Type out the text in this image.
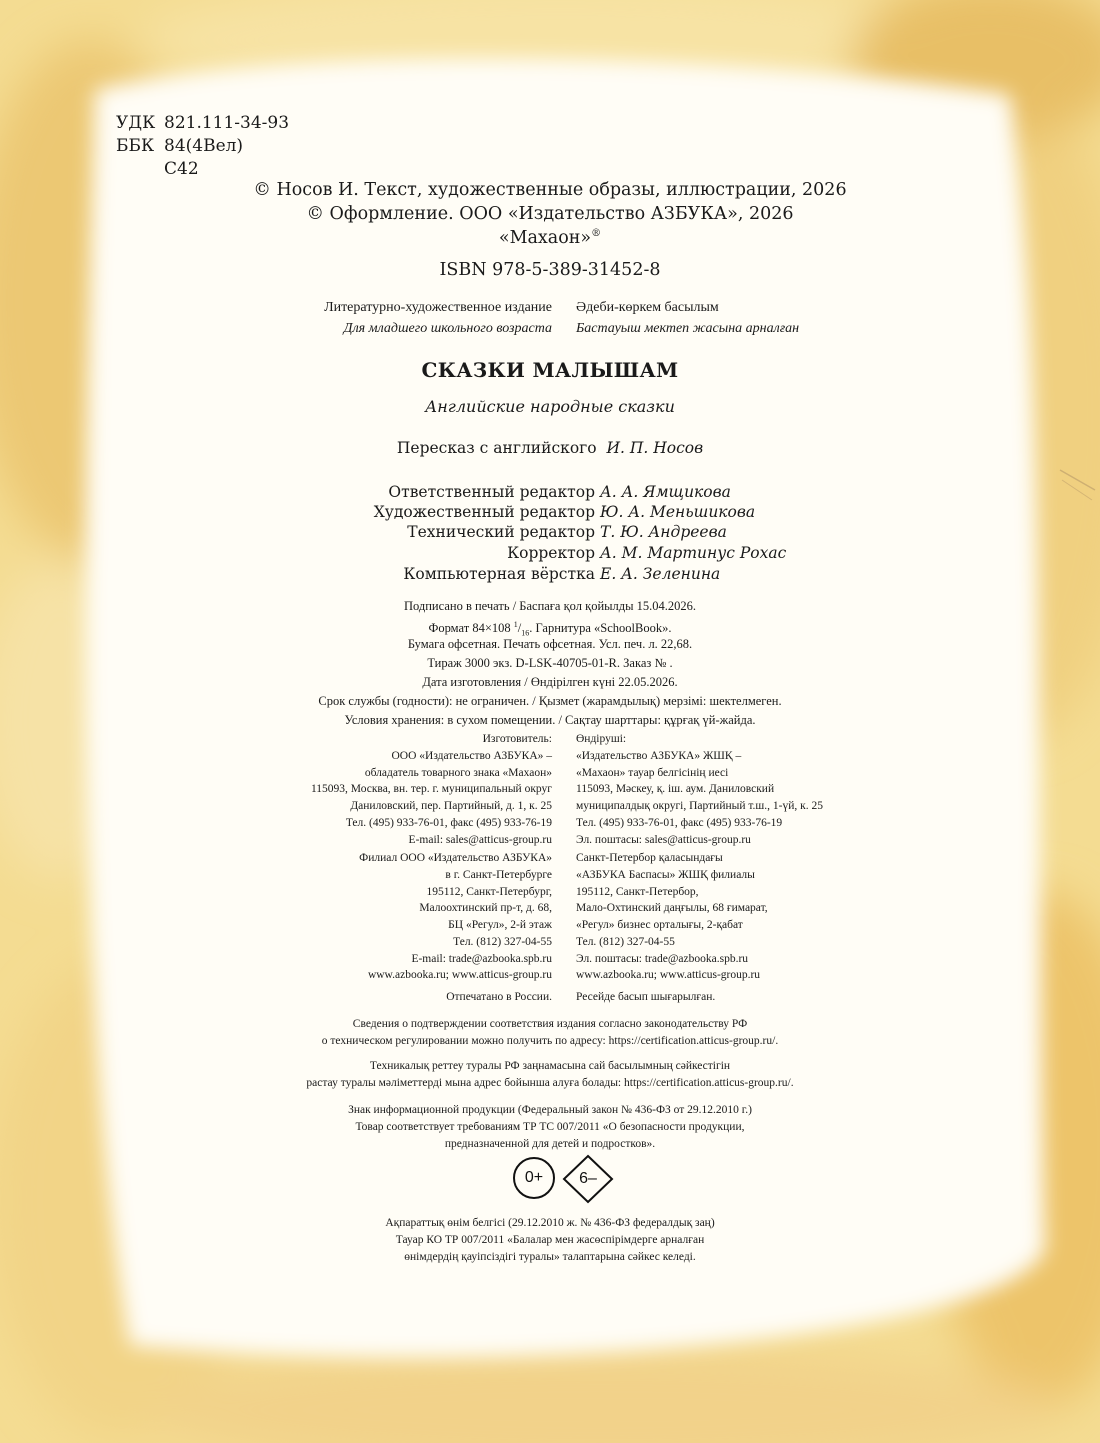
УДК 821.111-34-93
ББК 84(4Вел)
С42
© Носов И. Текст, художественные образы, иллюстрации, 2026
© Оформление. ООО «Издательство АЗБУКА», 2026
«Махаон»®
ISBN 978-5-389-31452-8
Литературно-художественное издание
Для младшего школьного возраста
Әдеби-көркем басылым
Бастауыш мектеп жасына арналған
СКАЗКИ МАЛЫШАМ
Английские народные сказки
Пересказ с английского И. П. Носов
Ответственный редактор А. А. Ямщикова
Художественный редактор Ю. А. Меньшикова
Технический редактор Т. Ю. Андреева
Корректор А. М. Мартинус Рохас
Компьютерная вёрстка Е. А. Зеленина
Подписано в печать / Баспаға қол қойылды 15.04.2026.
Формат 84×108 $^1/_{16}$. Гарнитура «SchoolBook».
Бумага офсетная. Печать офсетная. Усл. печ. л. 22,68.
Тираж 3000 экз. D-LSK-40705-01-R. Заказ № .
Дата изготовления / Өндірілген күні 22.05.2026.
Срок службы (годности): не ограничен. / Қызмет (жарамдылық) мерзімі: шектелмеген.
Условия хранения: в сухом помещении. / Сақтау шарттары: құрғақ үй-жайда.
Изготовитель:
ООО «Издательство АЗБУКА» –
обладатель товарного знака «Махаон»
115093, Москва, вн. тер. г. муниципальный округ
Даниловский, пер. Партийный, д. 1, к. 25
Тел. (495) 933-76-01, факс (495) 933-76-19
E-mail: sales@atticus-group.ru
Өндіруші:
«Издательство АЗБУКА» ЖШҚ –
«Махаон» тауар белгісінің иесі
115093, Мәскеу, қ. іш. аум. Даниловский
муниципалдық округі, Партийный т.ш., 1-үй, к. 25
Тел. (495) 933-76-01, факс (495) 933-76-19
Эл. поштасы: sales@atticus-group.ru
Филиал ООО «Издательство АЗБУКА»
в г. Санкт-Петербурге
195112, Санкт-Петербург,
Малоохтинский пр-т, д. 68,
БЦ «Регул», 2-й этаж
Тел. (812) 327-04-55
E-mail: trade@azbooka.spb.ru
Санкт-Петербор қаласындағы
«АЗБУКА Баспасы» ЖШҚ филиалы
195112, Санкт-Петербор,
Мало-Охтинский даңғылы, 68 ғимарат,
«Регул» бизнес орталығы, 2-қабат
Тел. (812) 327-04-55
Эл. поштасы: trade@azbooka.spb.ru
www.azbooka.ru; www.atticus-group.ru www.azbooka.ru; www.atticus-group.ru
Отпечатано в России. Ресейде басып шығарылған.
Сведения о подтверждении соответствия издания согласно законодательству РФ
о техническом регулировании можно получить по адресу: https://certification.atticus-group.ru/.
Техникалық реттеу туралы РФ заңнамасына сай басылымның сәйкестігін
растау туралы мәліметтерді мына адрес бойынша алуға болады: https://certification.atticus-group.ru/.
Знак информационной продукции (Федеральный закон № 436-ФЗ от 29.12.2010 г.)
Товар соответствует требованиям ТР ТС 007/2011 «О безопасности продукции,
предназначенной для детей и подростков».
0+ 6–
Ақпараттық өнім белгісі (29.12.2010 ж. № 436-ФЗ федералдық заң)
Тауар КО ТР 007/2011 «Балалар мен жасөспірімдерге арналған
өнімдердің қауіпсіздігі туралы» талаптарына сәйкес келеді.
